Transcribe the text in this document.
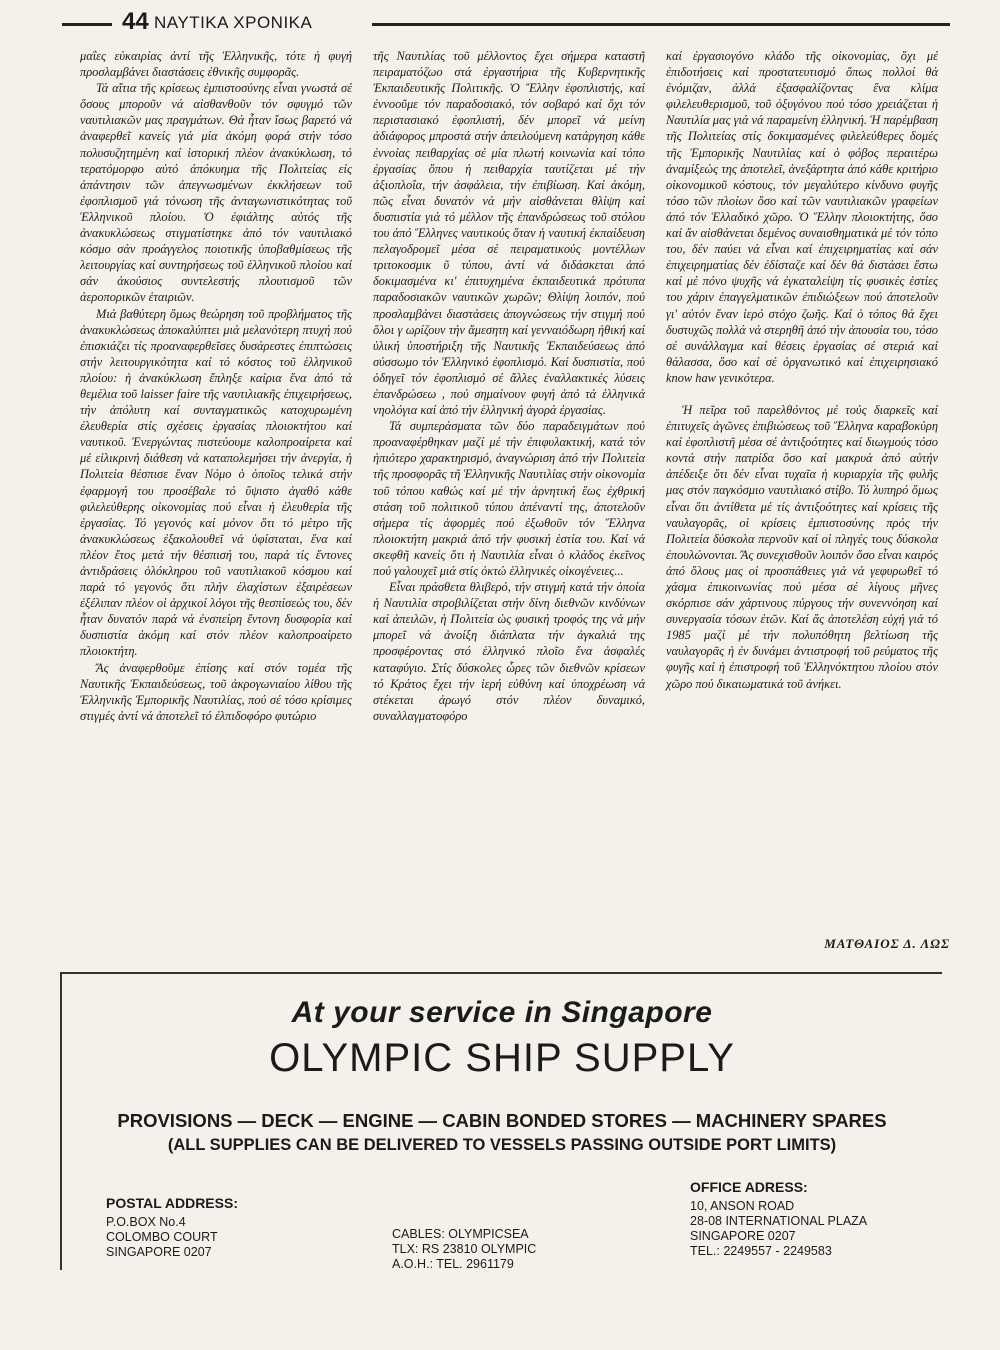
44 ΝΑΥΤΙΚΑ ΧΡΟΝΙΚΑ

μαΐες εὐκαιρίας ἀντί τῆς Ἑλληνικῆς, τότε ἡ φυγή προσλαμβάνει διαστάσεις ἐθνικῆς συμφορᾶς.

Τά αἴτια τῆς κρίσεως ἐμπιστοσύνης εἶναι γνωστά σέ ὅσους μποροῦν νά αἰσθανθοῦν τόν σφυγμό τῶν ναυτιλιακῶν μας πραγμάτων. Θά ἦταν ἴσως βαρετό νά ἀναφερθεῖ κανείς γιά μία ἀκόμη φορά στήν τόσο πολυσυζητημένη καί ἱστορική πλέον ἀνακύκλωση, τό τερατόμορφο αὐτό ἀπόκυημα τῆς Πολιτείας εἰς ἀπάντησιν τῶν ἀπεγνωσμένων ἐκκλήσεων τοῦ ἐφοπλισμοῦ γιά τόνωση τῆς ἀνταγωνιστικότητας τοῦ Ἑλληνικοῦ πλοίου. Ὁ ἐφιάλτης αὐτός τῆς ἀνακυκλώσεως στιγματίστηκε ἀπό τόν ναυτιλιακό κόσμο σάν προάγγελος ποιοτικῆς ὑποβαθμίσεως τῆς λειτουργίας καί συντηρήσεως τοῦ ἑλληνικοῦ πλοίου καί σάν ἀκούσιος συντελεστής πλουτισμοῦ τῶν ἀεροπορικῶν ἑταιριῶν.

Μιά βαθύτερη ὅμως θεώρηση τοῦ προβλήματος τῆς ἀνακυκλώσεως ἀποκαλύπτει μιά μελανότερη πτυχή πού ἐπισκιάζει τίς προαναφερθεῖσες δυσάρεστες ἐπιπτώσεις στήν λειτουργικότητα καί τό κόστος τοῦ ἑλληνικοῦ πλοίου: ἡ ἀνακύκλωση ἔπληξε καίρια ἕνα ἀπό τά θεμέλια τοῦ laisser faire τῆς ναυτιλιακῆς ἐπιχειρήσεως, τήν ἀπόλυτη καί συνταγματικῶς κατοχυρωμένη ἐλευθερία στίς σχέσεις ἐργασίας πλοιοκτήτου καί ναυτικοῦ. Ἐνεργώντας πιστεύουμε καλοπροαίρετα καί μέ εἰλικρινή διάθεση νά καταπολεμήσει τήν ἀνεργία, ἡ Πολιτεία θέσπισε ἕναν Νόμο ὁ ὁποῖος τελικά στήν ἐφαρμογή του προσέβαλε τό ὕψιστο ἀγαθό κάθε φιλελεύθερης οἰκονομίας πού εἶναι ἡ ἐλευθερία τῆς ἐργασίας. Τό γεγονός καί μόνον ὅτι τό μέτρο τῆς ἀνακυκλώσεως ἐξακολουθεῖ νά ὑφίσταται, ἕνα καί πλέον ἔτος μετά τήν θέσπισή του, παρά τίς ἔντονες ἀντιδράσεις ὁλόκληρου τοῦ ναυτιλιακοῦ κόσμου καί παρά τό γεγονός ὅτι πλήν ἐλαχίστων ἐξαιρέσεων ἐξέλιπαν πλέον οἱ ἀρχικοί λόγοι τῆς θεσπίσεώς του, δέν ἦταν δυνατόν παρά νά ἐνσπείρη ἔντονη δυσφορία καί δυσπιστία ἀκόμη καί στόν πλέον καλοπροαίρετο πλοιοκτήτη.

Ἄς ἀναφερθοῦμε ἐπίσης καί στόν τομέα τῆς Ναυτικῆς Ἐκπαιδεύσεως, τοῦ ἀκρογωνιαίου λίθου τῆς Ἑλληνικῆς Ἐμπορικῆς Ναυτιλίας, πού σέ τόσο κρίσιμες στιγμές ἀντί νά ἀποτελεῖ τό ἐλπιδοφόρο φυτώριο

τῆς Ναυτιλίας τοῦ μέλλοντος ἔχει σήμερα καταστῆ πειραματόζωο στά ἐργαστήρια τῆς Κυβερνητικῆς Ἐκπαιδευτικῆς Πολιτικῆς. Ὁ Ἕλλην ἐφοπλιστής, καί ἐννοοῦμε τόν παραδοσιακό, τόν σοβαρό καί ὄχι τόν περιστασιακό ἐφοπλιστή, δέν μπορεῖ νά μείνη ἀδιάφορος μπροστά στήν ἀπειλούμενη κατάργηση κάθε ἐννοίας πειθαρχίας σέ μία πλωτή κοινωνία καί τόπο ἐργασίας ὅπου ἡ πειθαρχία ταυτίζεται μέ τήν ἀξιοπλοΐα, τήν ἀσφάλεια, τήν ἐπιβίωση. Καί ἀκόμη, πῶς εἶναι δυνατόν νά μήν αἰσθάνεται θλίψη καί δυσπιστία γιά τό μέλλον τῆς ἐπανδρώσεως τοῦ στόλου του ἀπό Ἕλληνες ναυτικούς ὅταν ἡ ναυτική ἐκπαίδευση πελαγοδρομεῖ μέσα σέ πειραματικούς μοντέλλων τριτοκοσμικ ῦ τύπου, ἀντί νά διδάσκεται ἀπό δοκιμασμένα κι' ἐπιτυχημένα ἐκπαιδευτικά πρότυπα παραδοσιακῶν ναυτικῶν χωρῶν; Θλίψη λοιπόν, πού προσλαμβάνει διαστάσεις ἀπογνώσεως τήν στιγμή πού ὅλοι γ ωρίζουν τήν ἄμεσητη καί γενναιόδωρη ἠθική καί ὑλική ὑποστήριξη τῆς Ναυτικῆς Ἐκπαιδεύσεως ἀπό σύσσωμο τόν Ἑλληνικό ἐφοπλισμό. Καί δυσπιστία, πού ὁδηγεῖ τόν ἐφοπλισμό σέ ἄλλες ἐναλλακτικές λύσεις ἐπανδρώσεω , πού σημαίνουν φυγή ἀπό τά ἑλληνικά νηολόγια καί ἀπό τήν ἑλληνική ἀγορά ἐργασίας.

Τά συμπεράσματα τῶν δύο παραδειγμάτων πού προαναφέρθηκαν μαζί μέ τήν ἐπιφυλακτική, κατά τόν ἠπιότερο χαρακτηρισμό, ἀναγνώριση ἀπό τήν Πολιτεία τῆς προσφορᾶς τῆ Ἑλληνικῆς Ναυτιλίας στήν οἰκονομία τοῦ τόπου καθώς καί μέ τήν ἀρνητική ἕως ἐχθρική στάση τοῦ πολιτικοῦ τύπου ἀπέναντί της, ἀποτελοῦν σήμερα τίς ἀφορμές πού ἐξωθοῦν τόν Ἕλληνα πλοιοκτήτη μακριά ἀπό τήν φυσική ἑστία του. Καί νά σκεφθῆ κανείς ὅτι ἡ Ναυτιλία εἶναι ὁ κλάδος ἐκεῖνος πού γαλουχεῖ μιά στίς ὀκτώ ἑλληνικές οἰκογένειες...

Εἶναι πράσθετα θλιβερό, τήν στιγμή κατά τήν ὁποία ἡ Ναυτιλία στροβιλίζεται στήν δίνη διεθνῶν κινδύνων καί ἀπειλῶν, ἡ Πολιτεία ὡς φυσική τροφός της νά μήν μπορεῖ νά ἀνοίξη διάπλατα τήν ἀγκαλιά της προσφέροντας στό ἑλληνικό πλοῖο ἕνα ἀσφαλές καταφύγιο. Στίς δύσκολες ὧρες τῶν διεθνῶν κρίσεων τό Κράτος ἔχει τήν ἱερή εὐθύνη καί ὑποχρέωση νά στέκεται ἀρωγό στόν πλέον δυναμικό, συναλλαγματοφόρο

καί ἐργασιογόνο κλάδο τῆς οἰκονομίας, ὄχι μέ ἐπιδοτήσεις καί προστατευτισμό ὅπως πολλοί θά ἐνόμιζαν, ἀλλά ἐξασφαλίζοντας ἕνα κλίμα φιλελευθερισμοῦ, τοῦ ὀξυγόνου πού τόσο χρειάζεται ἡ Ναυτιλία μας γιά νά παραμείνη ἑλληνική. Ἡ παρέμβαση τῆς Πολιτείας στίς δοκιμασμένες φιλελεύθερες δομές τῆς Ἐμπορικῆς Ναυτιλίας καί ὁ φόβος περαιτέρω ἀναμίξεώς της ἀποτελεῖ, ἀνεξάρτητα ἀπό κάθε κριτήριο οἰκονομικοῦ κόστους, τόν μεγαλύτερο κίνδυνο φυγῆς τόσο τῶν πλοίων ὅσο καί τῶν ναυτιλιακῶν γραφείων ἀπό τόν Ἑλλαδικό χῶρο. Ὁ Ἕλλην πλοιοκτήτης, ὅσο καί ἄν αἰσθάνεται δεμένος συναισθηματικά μέ τόν τόπο του, δέν παύει νά εἶναι καί ἐπιχειρηματίας καί σάν ἐπιχειρηματίας δέν ἐδίσταζε καί δέν θά διστάσει ἔστω καί μέ πόνο ψυχῆς νά ἐγκαταλείψη τίς φυσικές ἑστίες του χάριν ἐπαγγελματικῶν ἐπιδιώξεων πού ἀποτελοῦν γι' αὐτόν ἕναν ἱερό στόχο ζωῆς. Καί ὁ τόπος θά ἔχει δυστυχῶς πολλά νά στερηθῆ ἀπό τήν ἀπουσία του, τόσο σέ συνάλλαγμα καί θέσεις ἐργασίας σέ στεριά καί θάλασσα, ὅσο καί σέ ὀργανωτικό καί ἐπιχειρησιακό know haw γενικότερα.

Ἡ πεῖρα τοῦ παρελθόντος μέ τούς διαρκεῖς καί ἐπιτυχεῖς ἀγῶνες ἐπιβιώσεως τοῦ Ἕλληνα καραβοκύρη καί ἐφοπλιστῆ μέσα σέ ἀντιξοότητες καί διωγμούς τόσο κοντά στήν πατρίδα ὅσο καί μακρυά ἀπό αὐτήν ἀπέδειξε ὅτι δέν εἶναι τυχαῖα ἡ κυριαρχία τῆς φυλῆς μας στόν παγκόσμιο ναυτιλιακό στίβο. Τό λυπηρό ὅμως εἶναι ὅτι ἀντίθετα μέ τίς ἀντιξοότητες καί κρίσεις τῆς ναυλαγορᾶς, οἱ κρίσεις ἐμπιστοσύνης πρός τήν Πολιτεία δύσκολα περνοῦν καί οἱ πληγές τους δύσκολα ἐπουλώνονται. Ἄς συνεχισθοῦν λοιπόν ὅσο εἶναι καιρός ἀπό ὅλους μας οἱ προσπάθειες γιά νά γεφυρωθεῖ τό χάσμα ἐπικοινωνίας πού μέσα σέ λίγους μῆνες σκόρπισε σάν χάρτινους πύργους τήν συνεννόηση καί συνεργασία τόσων ἐτῶν. Καί ἄς ἀποτελέση εὐχή γιά τό 1985 μαζί μέ τήν πολυπόθητη βελτίωση τῆς ναυλαγορᾶς ἡ ἐν δυνάμει ἀντιστροφή τοῦ ρεύματος τῆς φυγῆς καί ἡ ἐπιστροφή τοῦ Ἑλληνόκτητου πλοίου στόν χῶρο πού δικαιωματικά τοῦ ἀνήκει.

ΜΑΤΘΑΙΟΣ Δ. ΛΩΣ
At your service in Singapore
OLYMPIC SHIP SUPPLY
PROVISIONS — DECK — ENGINE — CABIN BONDED STORES — MACHINERY SPARES
(ALL SUPPLIES CAN BE DELIVERED TO VESSELS PASSING OUTSIDE PORT LIMITS)
POSTAL ADDRESS:
P.O.BOX No.4
COLOMBO COURT
SINGAPORE 0207
CABLES: OLYMPICSEA
TLX: RS 23810 OLYMPIC
A.O.H.: TEL. 2961179
OFFICE ADRESS:
10, ANSON ROAD
28-08 INTERNATIONAL PLAZA
SINGAPORE 0207
TEL.: 2249557 - 2249583
